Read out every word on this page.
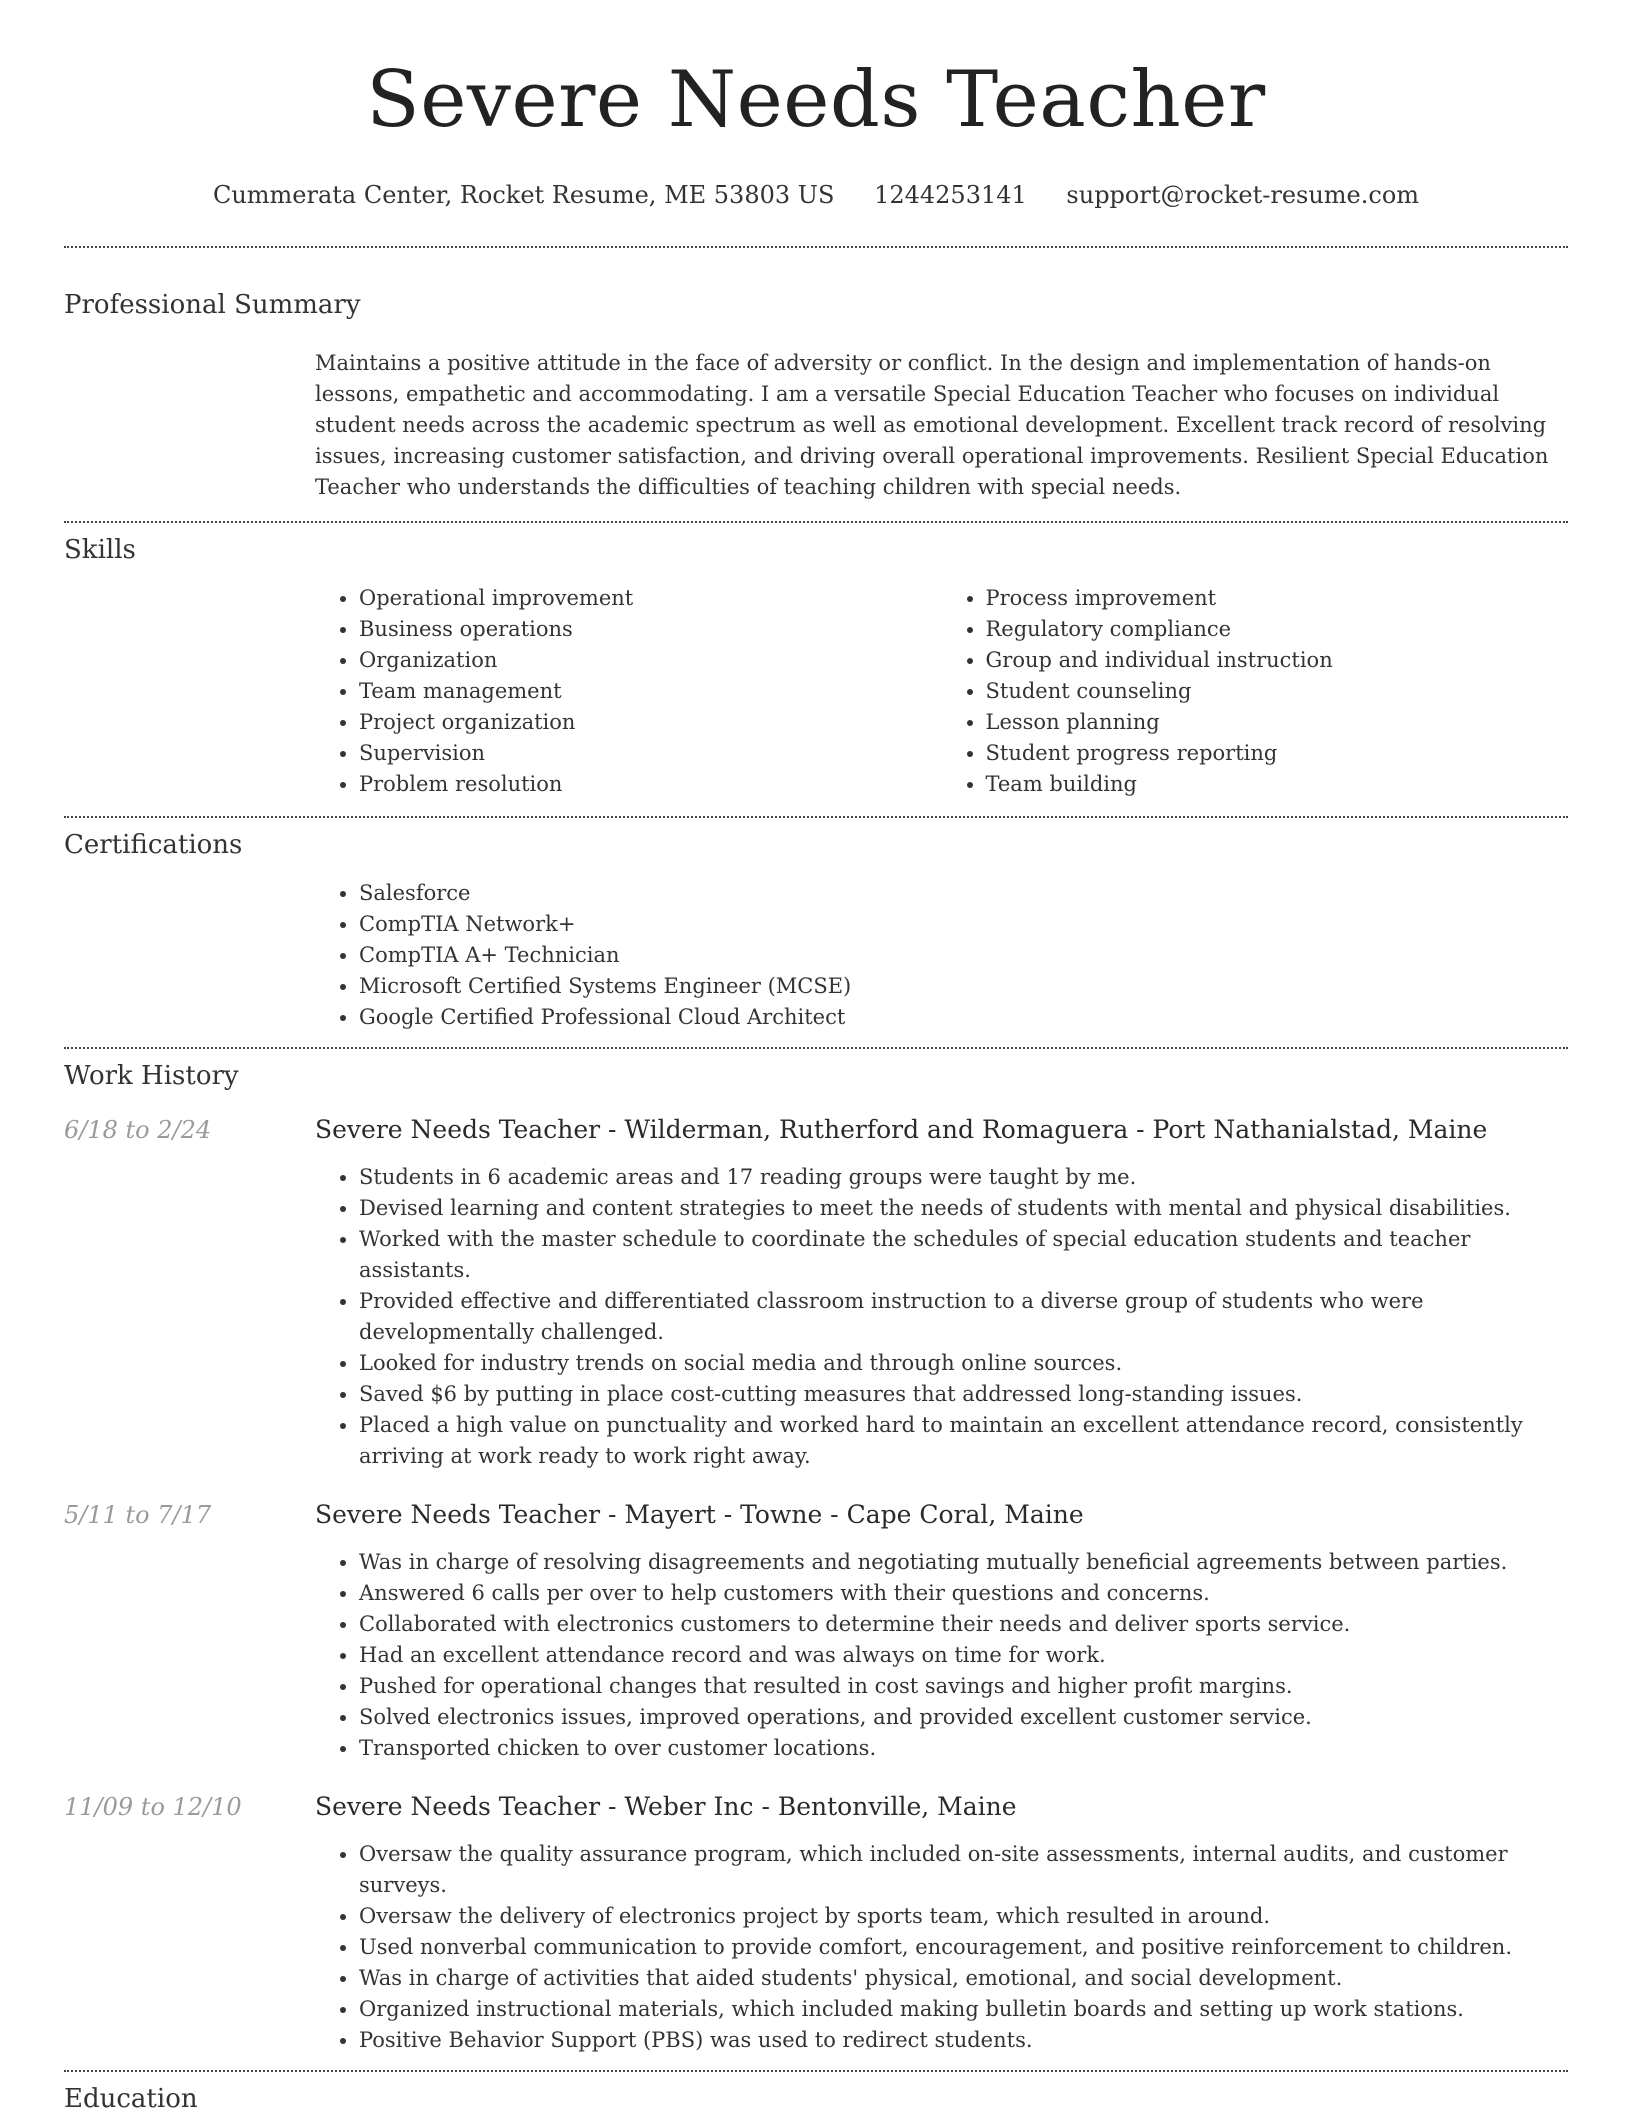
Severe Needs Teacher
Cummerata Center, Rocket Resume, ME 53803 US 1244253141 support@rocket-resume.com
Professional Summary
Maintains a positive attitude in the face of adversity or conflict. In the design and implementation of hands-on lessons, empathetic and accommodating. I am a versatile Special Education Teacher who focuses on individual student needs across the academic spectrum as well as emotional development. Excellent track record of resolving issues, increasing customer satisfaction, and driving overall operational improvements. Resilient Special Education Teacher who understands the difficulties of teaching children with special needs.
Skills
• Operational improvement
• Business operations
• Organization
• Team management
• Project organization
• Supervision
• Problem resolution
• Process improvement
• Regulatory compliance
• Group and individual instruction
• Student counseling
• Lesson planning
• Student progress reporting
• Team building
Certifications
• Salesforce
• CompTIA Network+
• CompTIA A+ Technician
• Microsoft Certified Systems Engineer (MCSE)
• Google Certified Professional Cloud Architect
Work History
6/18 to 2/24	Severe Needs Teacher - Wilderman, Rutherford and Romaguera - Port Nathanialstad, Maine
• Students in 6 academic areas and 17 reading groups were taught by me.
• Devised learning and content strategies to meet the needs of students with mental and physical disabilities.
• Worked with the master schedule to coordinate the schedules of special education students and teacher assistants.
• Provided effective and differentiated classroom instruction to a diverse group of students who were developmentally challenged.
• Looked for industry trends on social media and through online sources.
• Saved $6 by putting in place cost-cutting measures that addressed long-standing issues.
• Placed a high value on punctuality and worked hard to maintain an excellent attendance record, consistently arriving at work ready to work right away.
5/11 to 7/17	Severe Needs Teacher - Mayert - Towne - Cape Coral, Maine
• Was in charge of resolving disagreements and negotiating mutually beneficial agreements between parties.
• Answered 6 calls per over to help customers with their questions and concerns.
• Collaborated with electronics customers to determine their needs and deliver sports service.
• Had an excellent attendance record and was always on time for work.
• Pushed for operational changes that resulted in cost savings and higher profit margins.
• Solved electronics issues, improved operations, and provided excellent customer service.
• Transported chicken to over customer locations.
11/09 to 12/10	Severe Needs Teacher - Weber Inc - Bentonville, Maine
• Oversaw the quality assurance program, which included on-site assessments, internal audits, and customer surveys.
• Oversaw the delivery of electronics project by sports team, which resulted in around.
• Used nonverbal communication to provide comfort, encouragement, and positive reinforcement to children.
• Was in charge of activities that aided students' physical, emotional, and social development.
• Organized instructional materials, which included making bulletin boards and setting up work stations.
• Positive Behavior Support (PBS) was used to redirect students.
Education
